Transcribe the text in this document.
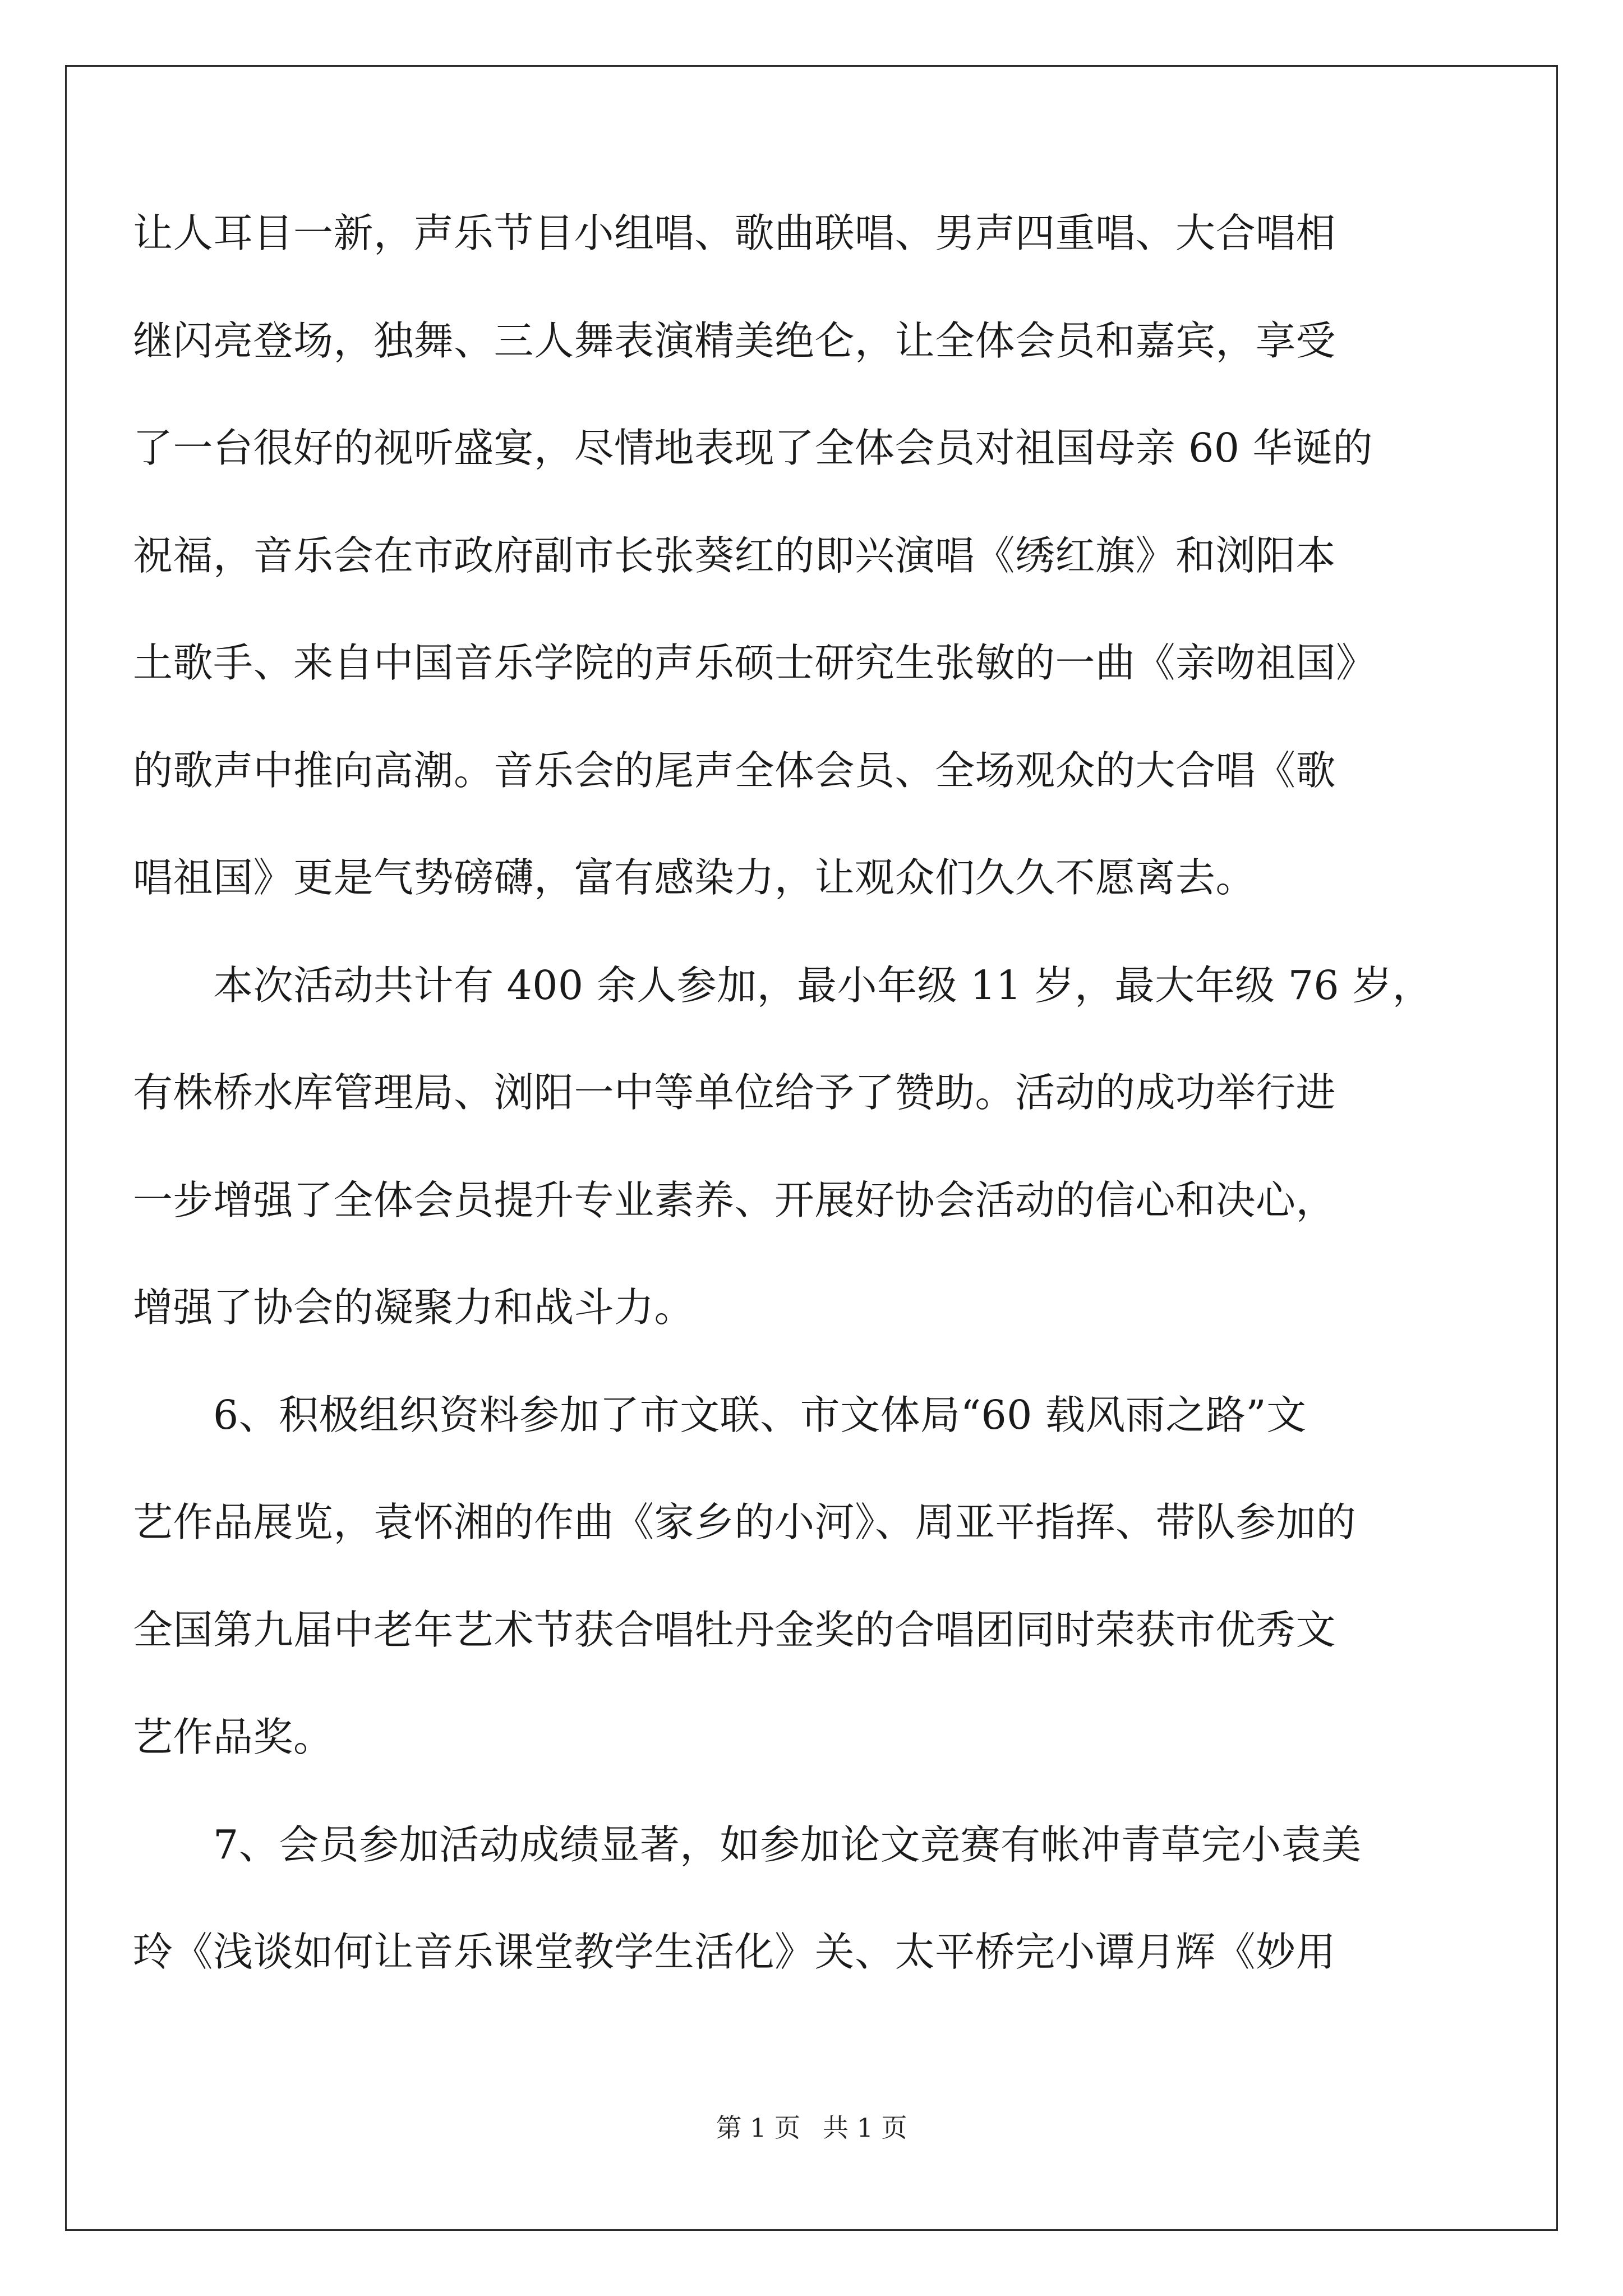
让人耳目一新，声乐节目小组唱、歌曲联唱、男声四重唱、大合唱相
继闪亮登场，独舞、三人舞表演精美绝仑，让全体会员和嘉宾，享受
了一台很好的视听盛宴，尽情地表现了全体会员对祖国母亲 60 华诞的
祝福，音乐会在市政府副市长张葵红的即兴演唱《绣红旗》和浏阳本
土歌手、来自中国音乐学院的声乐硕士研究生张敏的一曲《亲吻祖国》
的歌声中推向高潮。音乐会的尾声全体会员、全场观众的大合唱《歌
唱祖国》更是气势磅礴，富有感染力，让观众们久久不愿离去。
　　本次活动共计有 400 余人参加，最小年级 11 岁，最大年级 76 岁，
有株桥水库管理局、浏阳一中等单位给予了赞助。活动的成功举行进
一步增强了全体会员提升专业素养、开展好协会活动的信心和决心，
增强了协会的凝聚力和战斗力。
　　6、积极组织资料参加了市文联、市文体局“60 载风雨之路”文
艺作品展览，袁怀湘的作曲《家乡的小河》、周亚平指挥、带队参加的
全国第九届中老年艺术节获合唱牡丹金奖的合唱团同时荣获市优秀文
艺作品奖。
　　7、会员参加活动成绩显著，如参加论文竞赛有帐冲青草完小袁美
玲《浅谈如何让音乐课堂教学生活化》关、太平桥完小谭月辉《妙用
第 1 页 共 1 页
